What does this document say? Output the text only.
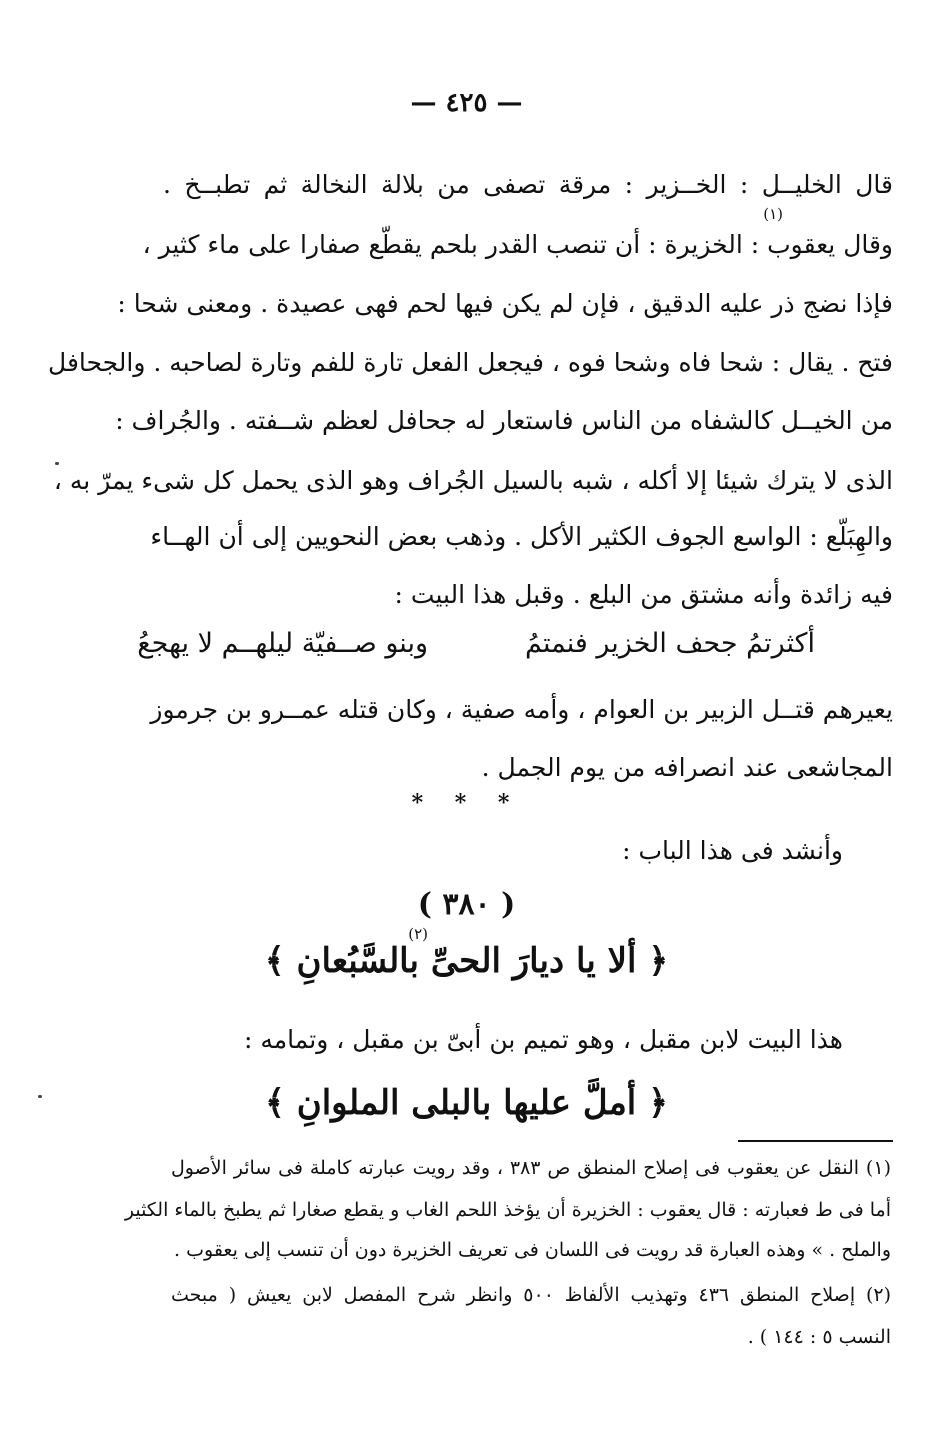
— ٤٢٥ —
قال الخليــل : الخــزير : مرقة تصفى من بلالة النخالة ثم تطبــخ .
(١)
وقال يعقوب : الخزيرة : أن تنصب القدر بلحم يقطّع صفارا على ماء كثير ،
فإذا نضج ذر عليه الدقيق ، فإن لم يكن فيها لحم فهى عصيدة . ومعنى شحا :
فتح . يقال : شحا فاه وشحا فوه ، فيجعل الفعل تارة للفم وتارة لصاحبه . والجحافل
من الخيــل كالشفاه من الناس فاستعار له جحافل لعظم شــفته . والجُراف :
الذى لا يترك شيئا إلا أكله ، شبه بالسيل الجُراف وهو الذى يحمل كل شىء يمرّ به ،
والهِبَلّع : الواسع الجوف الكثير الأكل . وذهب بعض النحويين إلى أن الهــاء
فيه زائدة وأنه مشتق من البلع . وقبل هذا البيت :
أكثرتمُ جحف الخزير فنمتمُ
وبنو صــفيّة ليلهــم لا يهجعُ
يعيرهم قتــل الزبير بن العوام ، وأمه صفية ، وكان قتله عمــرو بن جرموز
المجاشعى عند انصرافه من يوم الجمل .
* * *
وأنشد فى هذا الباب :
( ٣٨٠ )
(٢)
﴿ ألا يا ديارَ الحىِّ بالسَّبُعانِ ﴾
هذا البيت لابن مقبل ، وهو تميم بن أبىّ بن مقبل ، وتمامه :
﴿ أملَّ عليها بالبلى الملوانِ ﴾
(١) النقل عن يعقوب فى إصلاح المنطق ص ٣٨٣ ، وقد رويت عبارته كاملة فى سائر الأصول
أما فى ط فعبارته : قال يعقوب : الخزيرة أن يؤخذ اللحم الغاب و يقطع صغارا ثم يطبخ بالماء الكثير
والملح . » وهذه العبارة قد رويت فى اللسان فى تعريف الخزيرة دون أن تنسب إلى يعقوب .
(٢) إصلاح المنطق ٤٣٦ وتهذيب الألفاظ ٥٠٠ وانظر شرح المفصل لابن يعيش ( مبحث
النسب ٥ : ١٤٤ ) .
